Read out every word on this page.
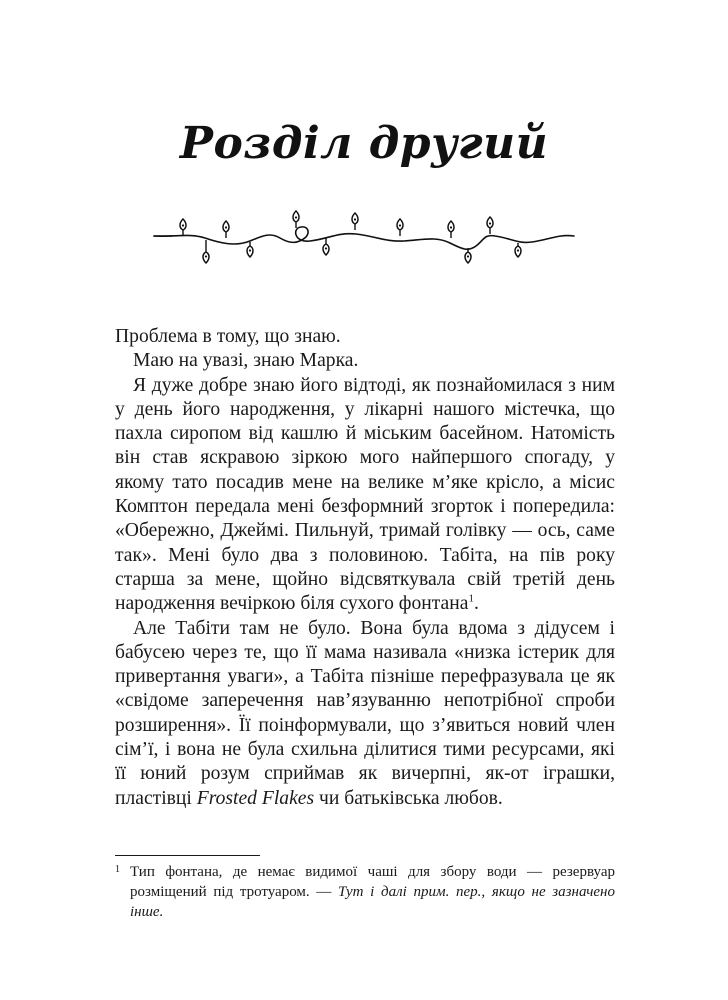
Розділ другий

Проблема в тому, що знаю.

Маю на увазі, знаю Марка.

Я дуже добре знаю його відтоді, як познайомилася з ним у день його народження, у лікарні нашого містечка, що пахла сиропом від кашлю й міським басейном. Натомість він став яскравою зіркою мого найпершого спогаду, у якому тато посадив мене на велике м’яке крісло, а місис Комптон передала мені безформний згорток і попередила: «Обережно, Джеймі. Пильнуй, тримай голівку — ось, саме так». Мені було два з половиною. Табіта, на пів року старша за мене, щойно відсвяткувала свій третій день народження вечіркою біля сухого фонтана$^1$.

Але Табіти там не було. Вона була вдома з дідусем і бабусею через те, що її мама називала «низка істерик для привертання уваги», а Табіта пізніше перефразувала це як «свідоме заперечення нав’язуванню непотрібної спроби розширення». Її поінформували, що з’явиться новий член сім’ї, і вона не була схильна ділитися тими ресурсами, які її юний розум сприймав як вичерпні, як-от іграшки, пластівці Frosted Flakes чи батьківська любов.

1 Тип фонтана, де немає видимої чаші для збору води — резервуар розміщений під тротуаром. — Тут і далі прим. пер., якщо не зазначено інше.
